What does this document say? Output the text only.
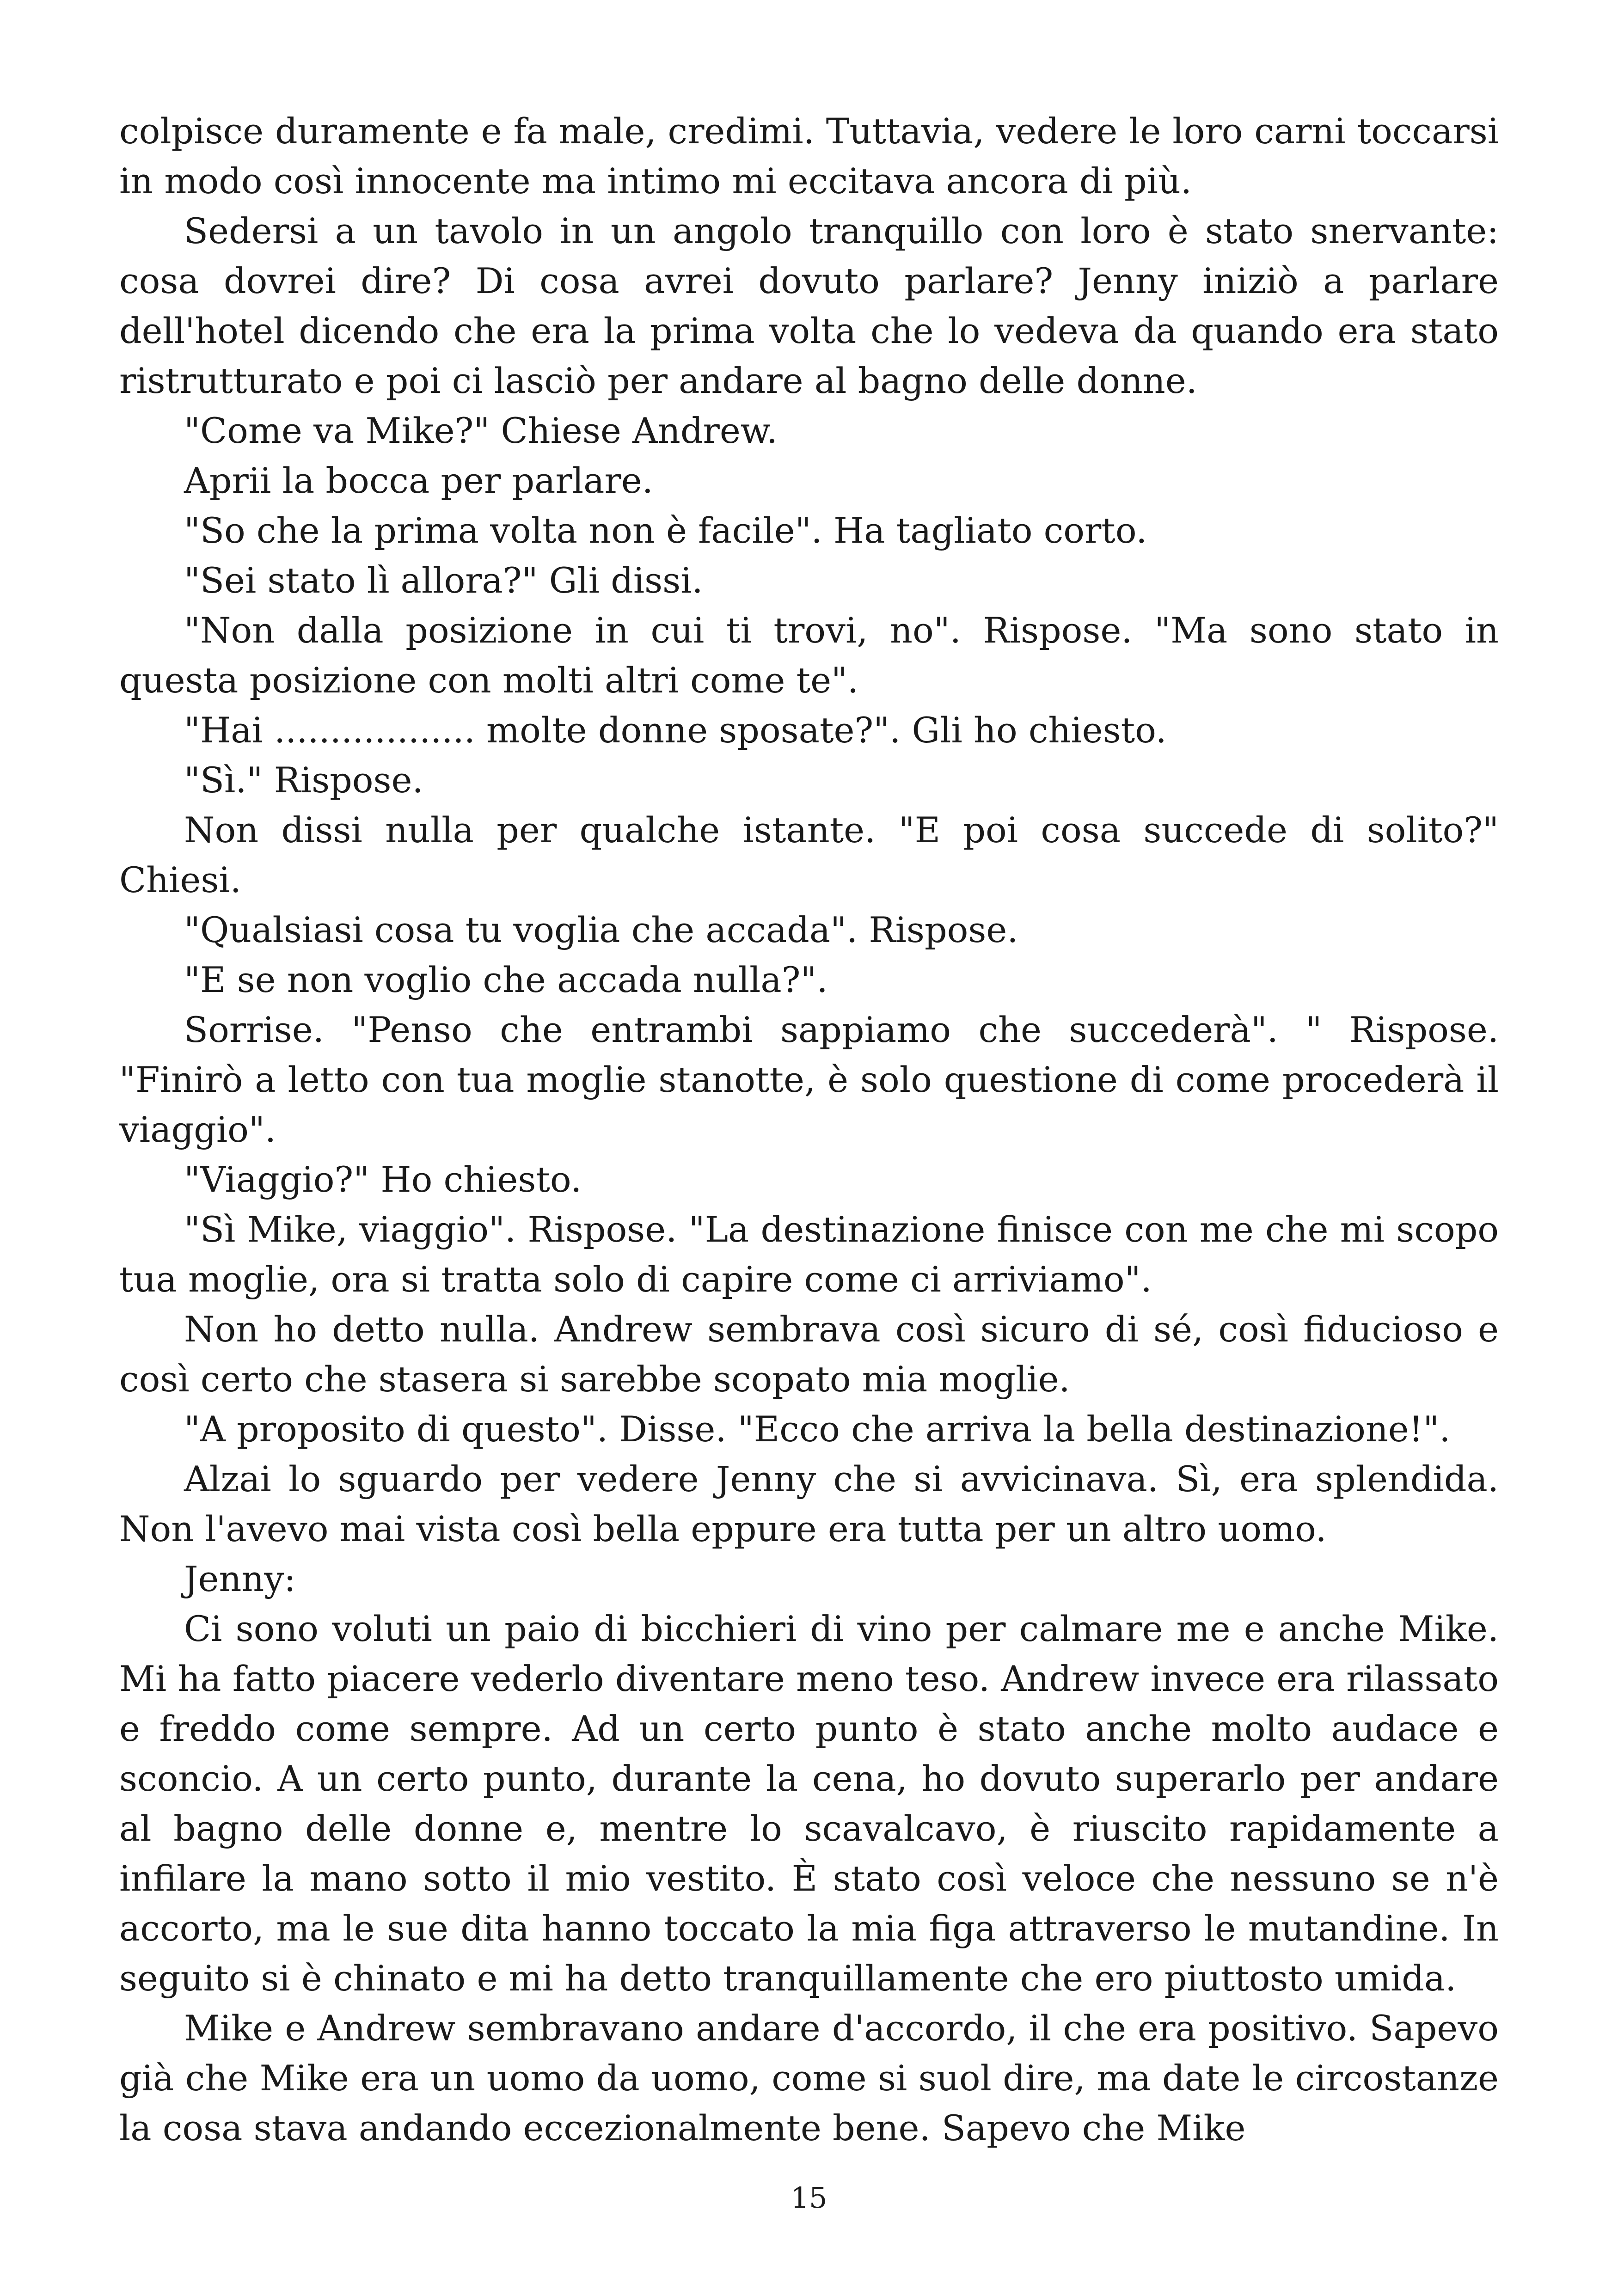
colpisce duramente e fa male, credimi. Tuttavia, vedere le loro carni toccarsi in modo così innocente ma intimo mi eccitava ancora di più.

Sedersi a un tavolo in un angolo tranquillo con loro è stato snervante: cosa dovrei dire? Di cosa avrei dovuto parlare? Jenny iniziò a parlare dell'hotel dicendo che era la prima volta che lo vedeva da quando era stato ristrutturato e poi ci lasciò per andare al bagno delle donne.

"Come va Mike?" Chiese Andrew.

Aprii la bocca per parlare.

"So che la prima volta non è facile". Ha tagliato corto.

"Sei stato lì allora?" Gli dissi.

"Non dalla posizione in cui ti trovi, no". Rispose. "Ma sono stato in questa posizione con molti altri come te".

"Hai .................. molte donne sposate?". Gli ho chiesto.

"Sì." Rispose.

Non dissi nulla per qualche istante. "E poi cosa succede di solito?" Chiesi.

"Qualsiasi cosa tu voglia che accada". Rispose.

"E se non voglio che accada nulla?".

Sorrise. "Penso che entrambi sappiamo che succederà". " Rispose. "Finirò a letto con tua moglie stanotte, è solo questione di come procederà il viaggio".

"Viaggio?" Ho chiesto.

"Sì Mike, viaggio". Rispose. "La destinazione finisce con me che mi scopo tua moglie, ora si tratta solo di capire come ci arriviamo".

Non ho detto nulla. Andrew sembrava così sicuro di sé, così fiducioso e così certo che stasera si sarebbe scopato mia moglie.

"A proposito di questo". Disse. "Ecco che arriva la bella destinazione!".

Alzai lo sguardo per vedere Jenny che si avvicinava. Sì, era splendida. Non l'avevo mai vista così bella eppure era tutta per un altro uomo.

Jenny:

Ci sono voluti un paio di bicchieri di vino per calmare me e anche Mike. Mi ha fatto piacere vederlo diventare meno teso. Andrew invece era rilassato e freddo come sempre. Ad un certo punto è stato anche molto audace e sconcio. A un certo punto, durante la cena, ho dovuto superarlo per andare al bagno delle donne e, mentre lo scavalcavo, è riuscito rapidamente a infilare la mano sotto il mio vestito. È stato così veloce che nessuno se n'è accorto, ma le sue dita hanno toccato la mia figa attraverso le mutandine. In seguito si è chinato e mi ha detto tranquillamente che ero piuttosto umida.

Mike e Andrew sembravano andare d'accordo, il che era positivo. Sapevo già che Mike era un uomo da uomo, come si suol dire, ma date le circostanze la cosa stava andando eccezionalmente bene. Sapevo che Mike

15
